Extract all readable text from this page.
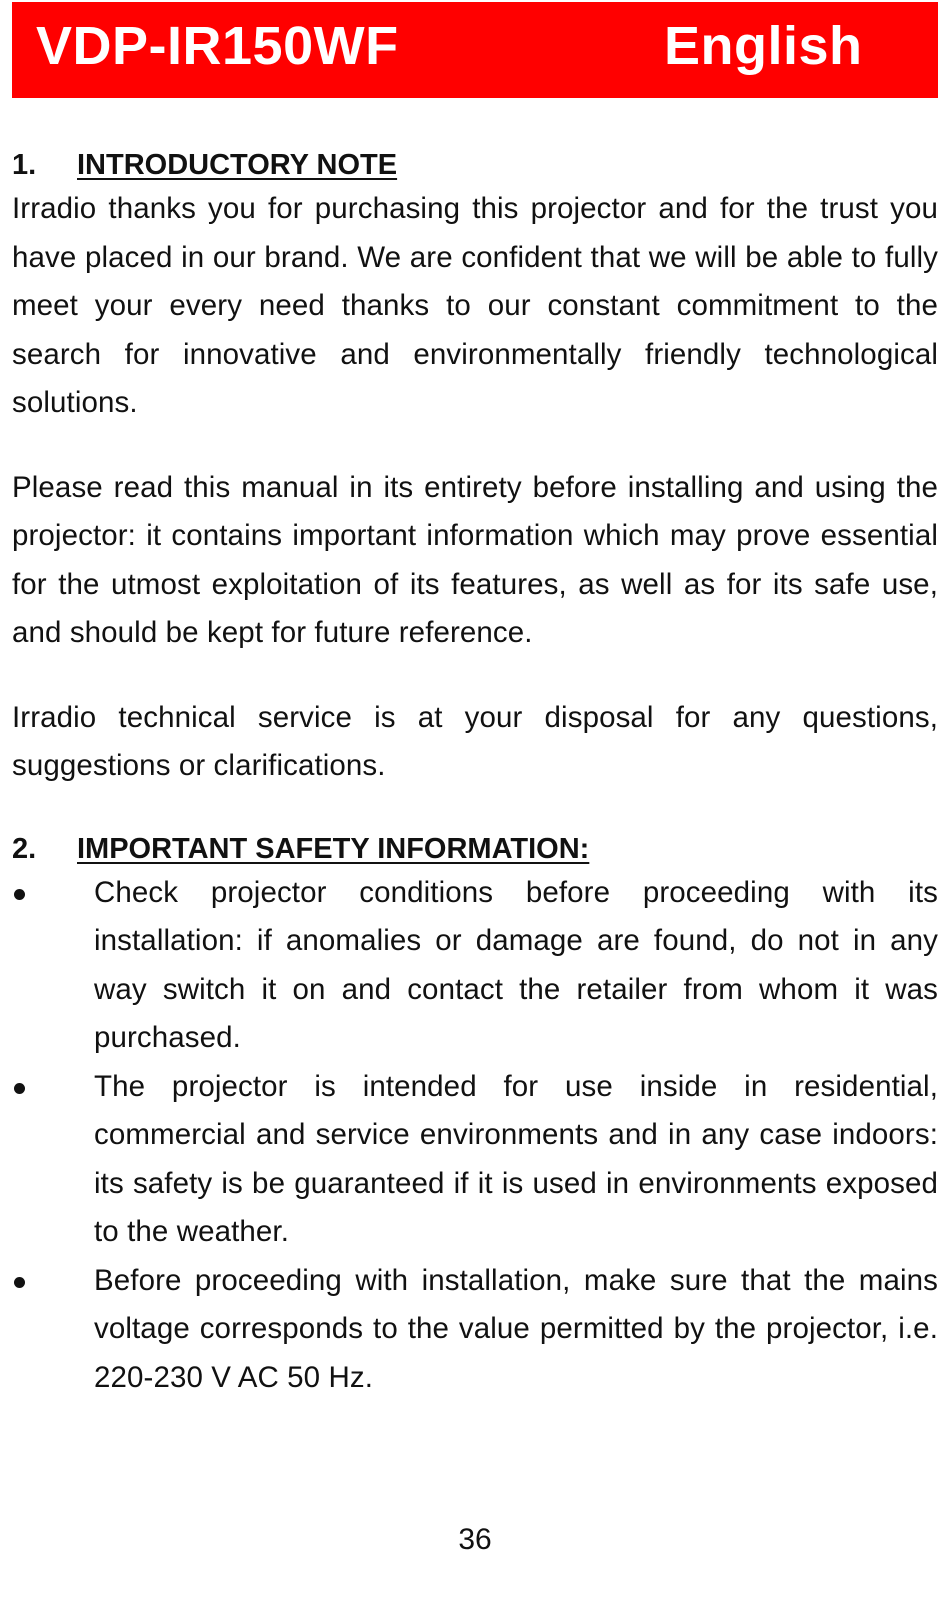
VDP-IR150WF	English
1. INTRODUCTORY NOTE

Irradio thanks you for purchasing this projector and for the trust you have placed in our brand. We are confident that we will be able to fully meet your every need thanks to our constant commitment to the search for innovative and environmentally friendly technological solutions.

Please read this manual in its entirety before installing and using the projector: it contains important information which may prove essential for the utmost exploitation of its features, as well as for its safe use, and should be kept for future reference.

Irradio technical service is at your disposal for any questions, suggestions or clarifications.

2. IMPORTANT SAFETY INFORMATION:

Check projector conditions before proceeding with its installation: if anomalies or damage are found, do not in any way switch it on and contact the retailer from whom it was purchased.

The projector is intended for use inside in residential, commercial and service environments and in any case indoors: its safety is be guaranteed if it is used in environments exposed to the weather.

Before proceeding with installation, make sure that the mains voltage corresponds to the value permitted by the projector, i.e. 220-230 V AC 50 Hz.

36
